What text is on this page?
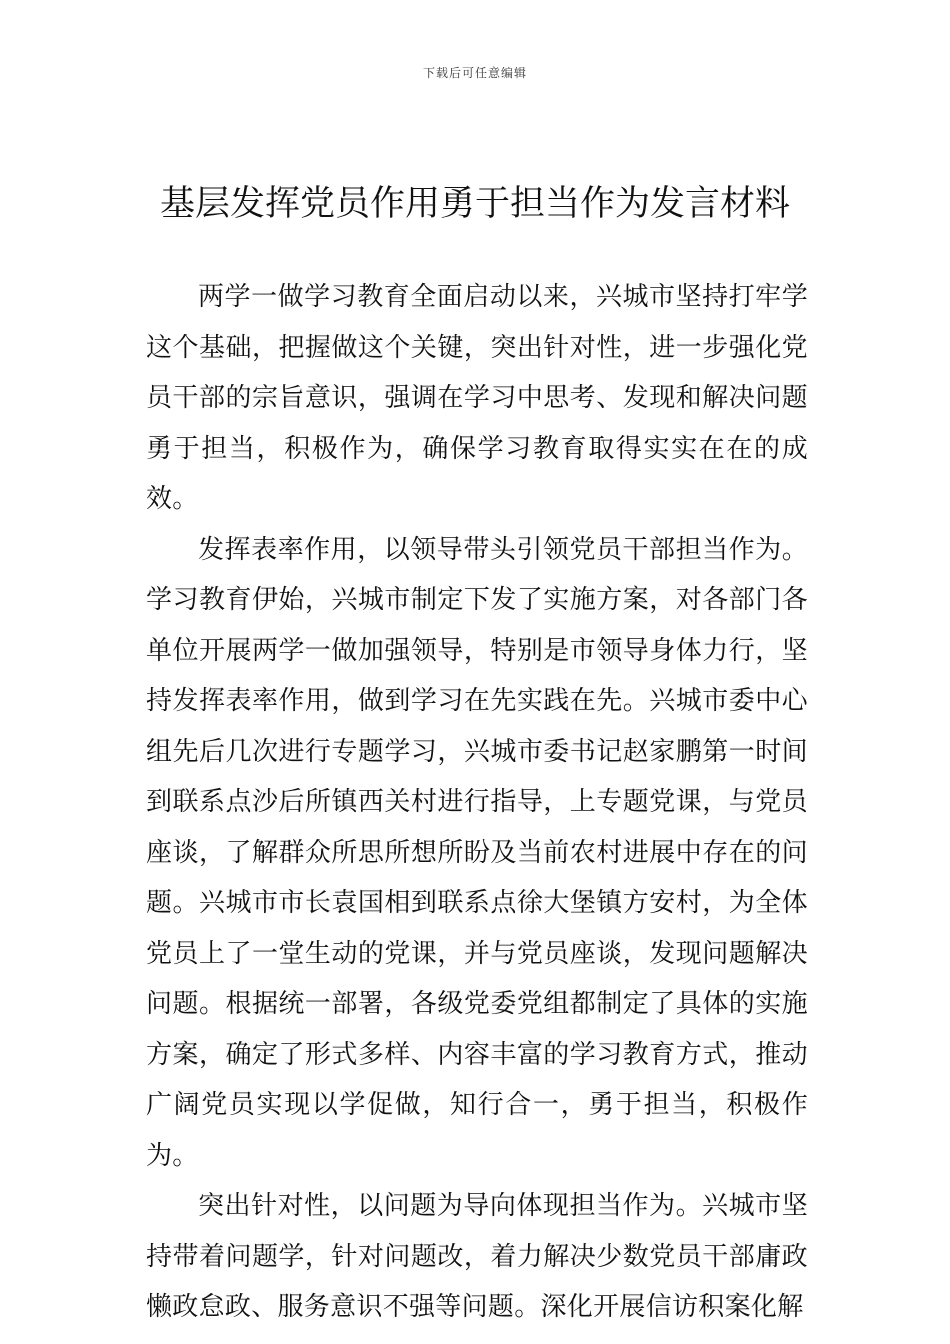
下载后可任意编辑
基层发挥党员作用勇于担当作为发言材料

两学一做学习教育全面启动以来，兴城市坚持打牢学这个基础，把握做这个关键，突出针对性，进一步强化党员干部的宗旨意识，强调在学习中思考、发现和解决问题勇于担当，积极作为，确保学习教育取得实实在在的成效。

发挥表率作用，以领导带头引领党员干部担当作为。学习教育伊始，兴城市制定下发了实施方案，对各部门各单位开展两学一做加强领导，特别是市领导身体力行，坚持发挥表率作用，做到学习在先实践在先。兴城市委中心组先后几次进行专题学习，兴城市委书记赵家鹏第一时间到联系点沙后所镇西关村进行指导，上专题党课，与党员座谈，了解群众所思所想所盼及当前农村进展中存在的问题。兴城市市长袁国相到联系点徐大堡镇方安村，为全体党员上了一堂生动的党课，并与党员座谈，发现问题解决问题。根据统一部署，各级党委党组都制定了具体的实施方案，确定了形式多样、内容丰富的学习教育方式，推动广阔党员实现以学促做，知行合一，勇于担当，积极作为。

突出针对性，以问题为导向体现担当作为。兴城市坚持带着问题学，针对问题改，着力解决少数党员干部庸政懒政怠政、服务意识不强等问题。深化开展信访积案化解
